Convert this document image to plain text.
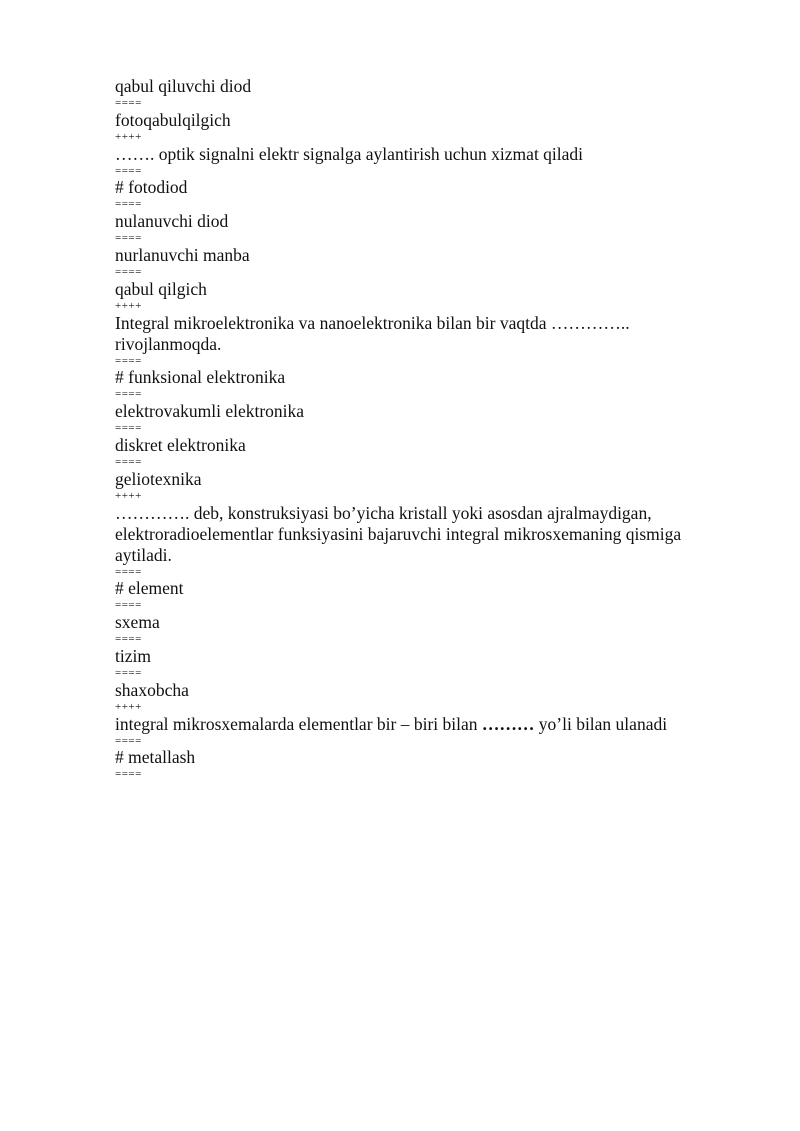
qabul qiluvchi diod

====

fotoqabulqilgich

++++

……. optik signalni elektr signalga aylantirish uchun xizmat qiladi

====

# fotodiod

====

nulanuvchi diod

====

nurlanuvchi manba

====

qabul qilgich

++++

Integral mikroelektronika va nanoelektronika bilan bir vaqtda ………….. rivojlanmoqda.

====

# funksional elektronika

====

elektrovakumli elektronika

====

diskret elektronika

====

geliotexnika

++++

…………. deb, konstruksiyasi bo’yicha kristall yoki asosdan ajralmaydigan, elektroradioelementlar funksiyasini bajaruvchi integral mikrosxemaning qismiga aytiladi.

====

# element

====

sxema

====

tizim

====

shaxobcha

++++

integral mikrosxemalarda elementlar bir – biri bilan ……… yo’li bilan ulanadi

====

# metallash

====
